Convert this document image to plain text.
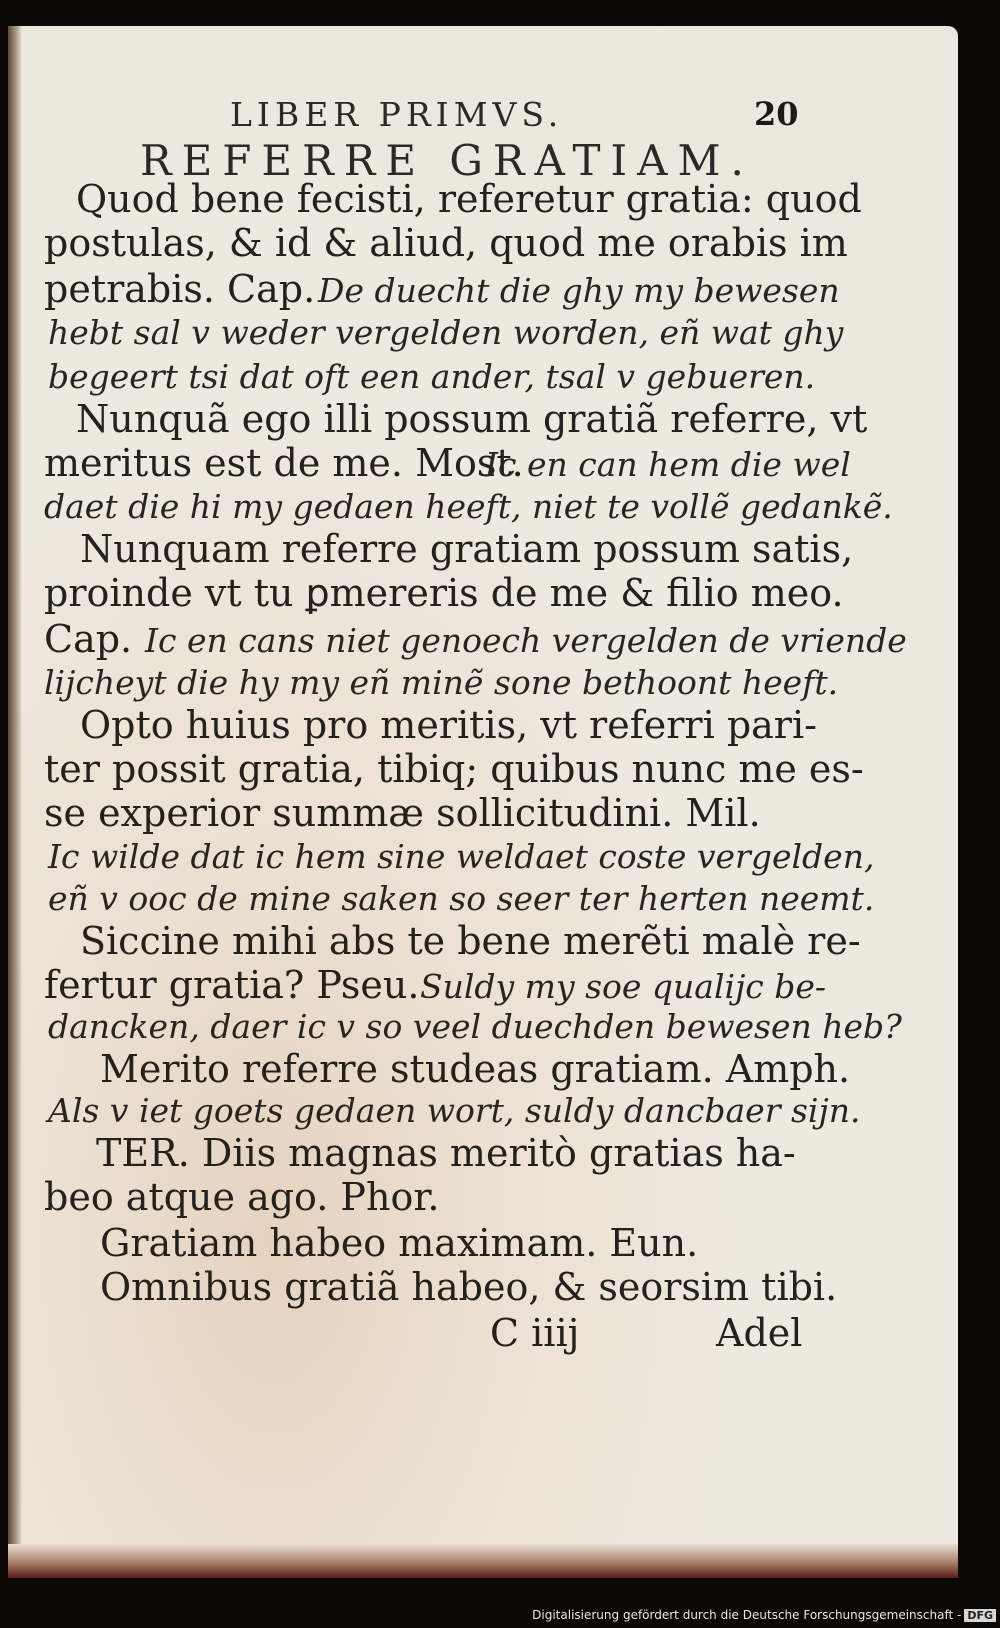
LIBER PRIMVS.	20
REFERRE GRATIAM.
Quod bene fecisti, referetur gratia: quod
postulas, & id & aliud, quod me orabis im
petrabis. Cap. De duecht die ghy my bewesen
hebt sal v weder vergelden worden, eñ wat ghy
begeert tsi dat oft een ander, tsal v gebueren.
Nunquã ego illi possum gratiã referre, vt
meritus est de me. Most.
Ic en can hem die wel
daet die hi my gedaen heeft, niet te vollẽ gedankẽ.
Nunquam referre gratiam possum satis,
proinde vt tu ꝑmereris de me & filio meo.
Cap. Ic en cans niet genoech vergelden de vriende
lijcheyt die hy my eñ minẽ sone bethoont heeft.
Opto huius pro meritis, vt referri pari-
ter possit gratia, tibiq; quibus nunc me es-
se experior summæ sollicitudini. Mil.
Ic wilde dat ic hem sine weldaet coste vergelden,
eñ v ooc de mine saken so seer ter herten neemt.
Siccine mihi abs te bene merẽti malè re-
fertur gratia? Pseu. Suldy my soe qualijc be-
dancken, daer ic v so veel duechden bewesen heb?
Merito referre studeas gratiam. Amph.
Als v iet goets gedaen wort, suldy dancbaer sijn.
TER. Diis magnas meritò gratias ha-
beo atque ago. Phor.
Gratiam habeo maximam. Eun.
Omnibus gratiã habeo, & seorsim tibi.
C iiij	Adel
Digitalisierung gefördert durch die Deutsche Forschungsgemeinschaft - DFG
